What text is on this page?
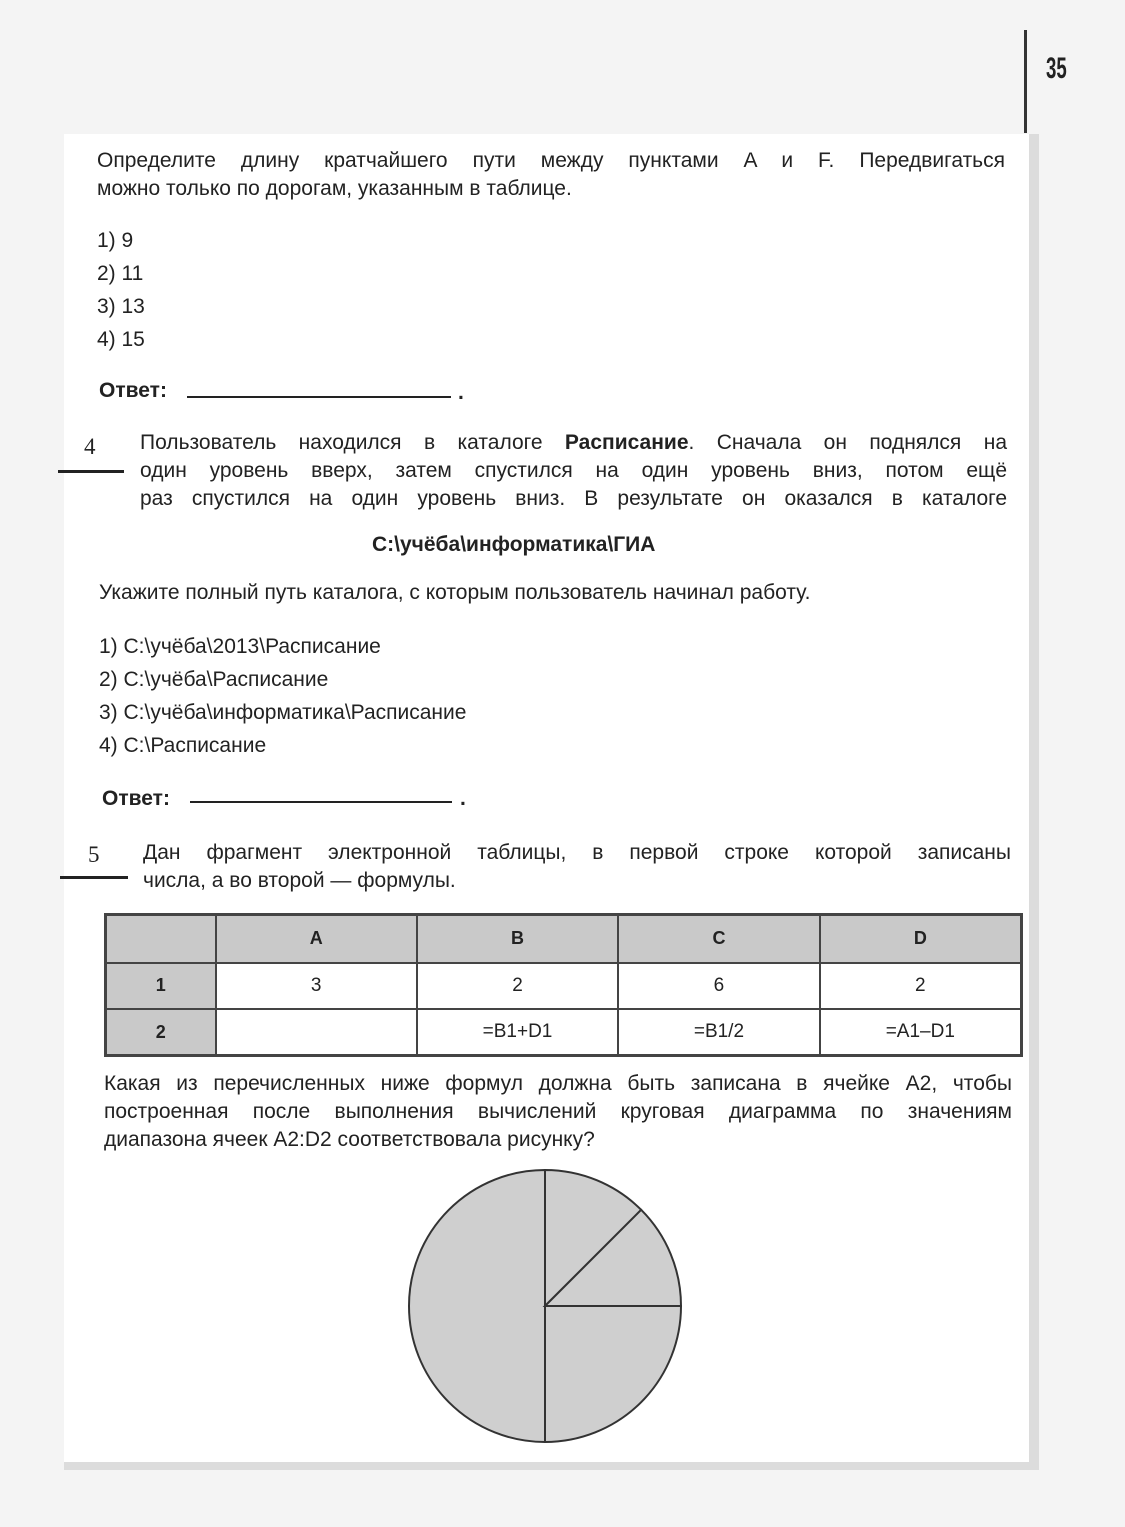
35
Определите длину кратчайшего пути между пунктами A и F. Передвигаться
можно только по дорогам, указанным в таблице.
1) 9
2) 11
3) 13
4) 15
Ответ:	.
4 Пользователь находился в каталоге Расписание. Сначала он поднялся на
один уровень вверх, затем спустился на один уровень вниз, потом ещё
раз спустился на один уровень вниз. В результате он оказался в каталоге
С:\учёба\информатика\ГИА
Укажите полный путь каталога, с которым пользователь начинал работу.
1) С:\учёба\2013\Расписание
2) С:\учёба\Расписание
3) С:\учёба\информатика\Расписание
4) С:\Расписание
Ответ:	.
5 Дан фрагмент электронной таблицы, в первой строке которой записаны
числа, а во второй — формулы.
	A	B	C	D
1	3	2	6	2
2		=B1+D1	=B1/2	=A1–D1
Какая из перечисленных ниже формул должна быть записана в ячейке А2, чтобы
построенная после выполнения вычислений круговая диаграмма по значениям
диапазона ячеек А2:D2 соответствовала рисунку?
